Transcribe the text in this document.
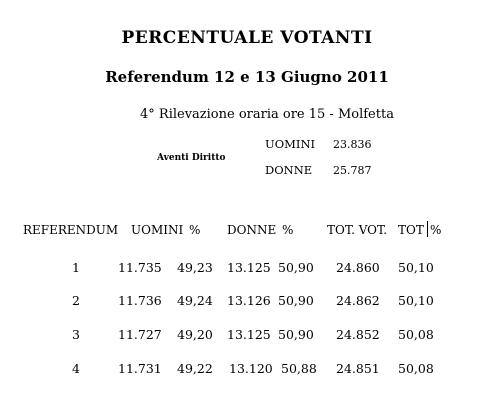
PERCENTUALE VOTANTI
Referendum 12 e 13 Giugno 2011
4° Rilevazione oraria ore 15 - Molfetta
Aventi Diritto
UOMINI 23.836
DONNE 25.787
REFERENDUM UOMINI % DONNE %	TOT. VOT. TOT %
1	11.735 49,23 13.125 50,90 24.860 50,10
2	11.736 49,24 13.126 50,90 24.862 50,10
3	11.727 49,20 13.125 50,90 24.852 50,08
4	11.731 49,22 13.120 50,88 24.851 50,08
